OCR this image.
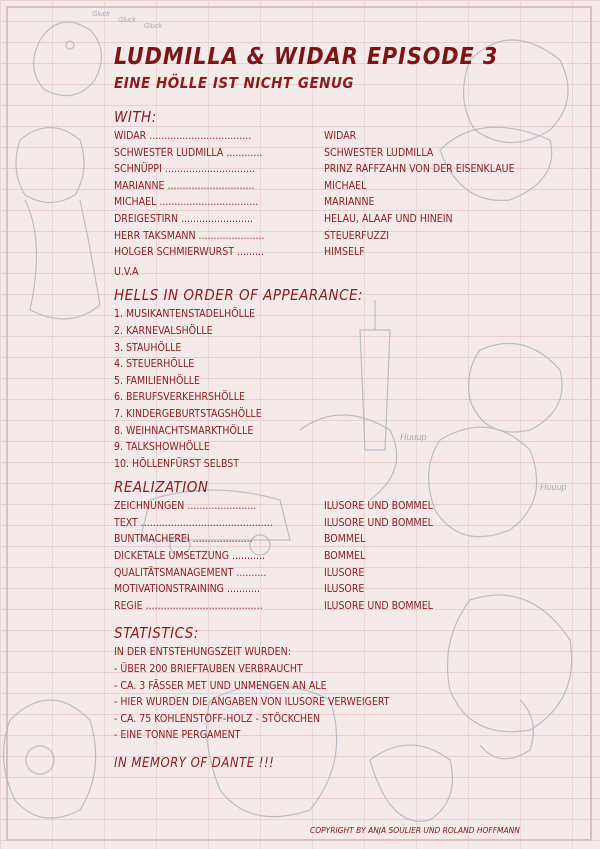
Gluck
Gluck
Gluck
Huuup
Huuup
LUDMILLA & WIDAR EPISODE 3
EINE HÖLLE IST NICHT GENUG
WITH:
WIDAR ..................................	WIDAR
SCHWESTER LUDMILLA ............	SCHWESTER LUDMILLA
SCHNÜPPI ..............................	PRINZ RAFFZAHN VON DER EISENKLAUE
MARIANNE .............................	MICHAEL
MICHAEL .................................	MARIANNE
DREIGESTIRN ........................	HELAU, ALAAF UND HINEIN
HERR TAKSMANN ......................	STEUERFUZZI
HOLGER SCHMIERWURST .........	HIMSELF
U.V.A
HELLS IN ORDER OF APPEARANCE:
1. MUSIKANTENSTADELHÖLLE
2. KARNEVALSHÖLLE
3. STAUHÖLLE
4. STEUERHÖLLE
5. FAMILIENHÖLLE
6. BERUFSVERKEHRSHÖLLE
7. KINDERGEBURTSTAGSHÖLLE
8. WEIHNACHTSMARKTHÖLLE
9. TALKSHOWHÖLLE
10. HÖLLENFÜRST SELBST
REALIZATION
ZEICHNUNGEN .......................	ILUSORE UND BOMMEL
TEXT ............................................	ILUSORE UND BOMMEL
BUNTMACHEREI ....................	BOMMEL
DICKETALE UMSETZUNG ...........	BOMMEL
QUALITÄTSMANAGEMENT ..........	ILUSORE
MOTIVATIONSTRAINING ...........	ILUSORE
REGIE .......................................	ILUSORE UND BOMMEL
STATISTICS:
IN DER ENTSTEHUNGSZEIT WURDEN:
- ÜBER 200 BRIEFTAUBEN VERBRAUCHT
- CA. 3 FÄSSER MET UND UNMENGEN AN ALE
- HIER WURDEN DIE ANGABEN VON ILUSORE VERWEIGERT
- CA. 75 KOHLENSTOFF-HOLZ - STÖCKCHEN
- EINE TONNE PERGAMENT
IN MEMORY OF DANTE !!!
COPYRIGHT BY ANJA SOULIER UND ROLAND HOFFMANN
